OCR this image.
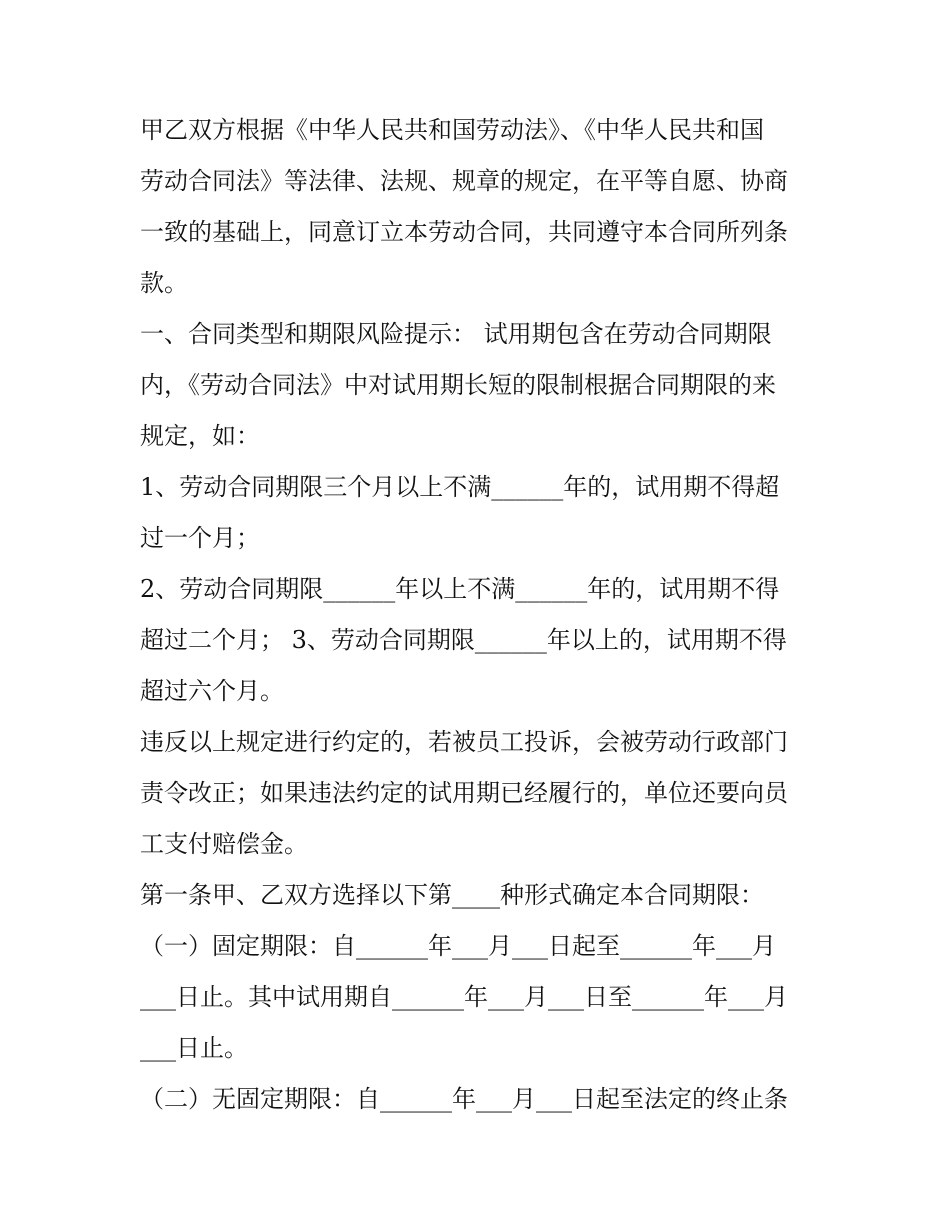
甲乙双方根据《中华人民共和国劳动法》、《中华人民共和国

劳动合同法》等法律、法规、规章的规定，在平等自愿、协商

一致的基础上，同意订立本劳动合同，共同遵守本合同所列条

款。

一、合同类型和期限风险提示： 试用期包含在劳动合同期限

内，《劳动合同法》中对试用期长短的限制根据合同期限的来

规定，如：

1、劳动合同期限三个月以上不满______年的，试用期不得超

过一个月；

2、劳动合同期限______年以上不满______年的，试用期不得

超过二个月； 3、劳动合同期限______年以上的，试用期不得

超过六个月。

违反以上规定进行约定的，若被员工投诉，会被劳动行政部门

责令改正；如果违法约定的试用期已经履行的，单位还要向员

工支付赔偿金。

第一条甲、乙双方选择以下第____种形式确定本合同期限：

（一）固定期限：自______年___月___日起至______年___月

___日止。其中试用期自______年___月___日至______年___月

___日止。

（二）无固定期限：自______年___月___日起至法定的终止条
